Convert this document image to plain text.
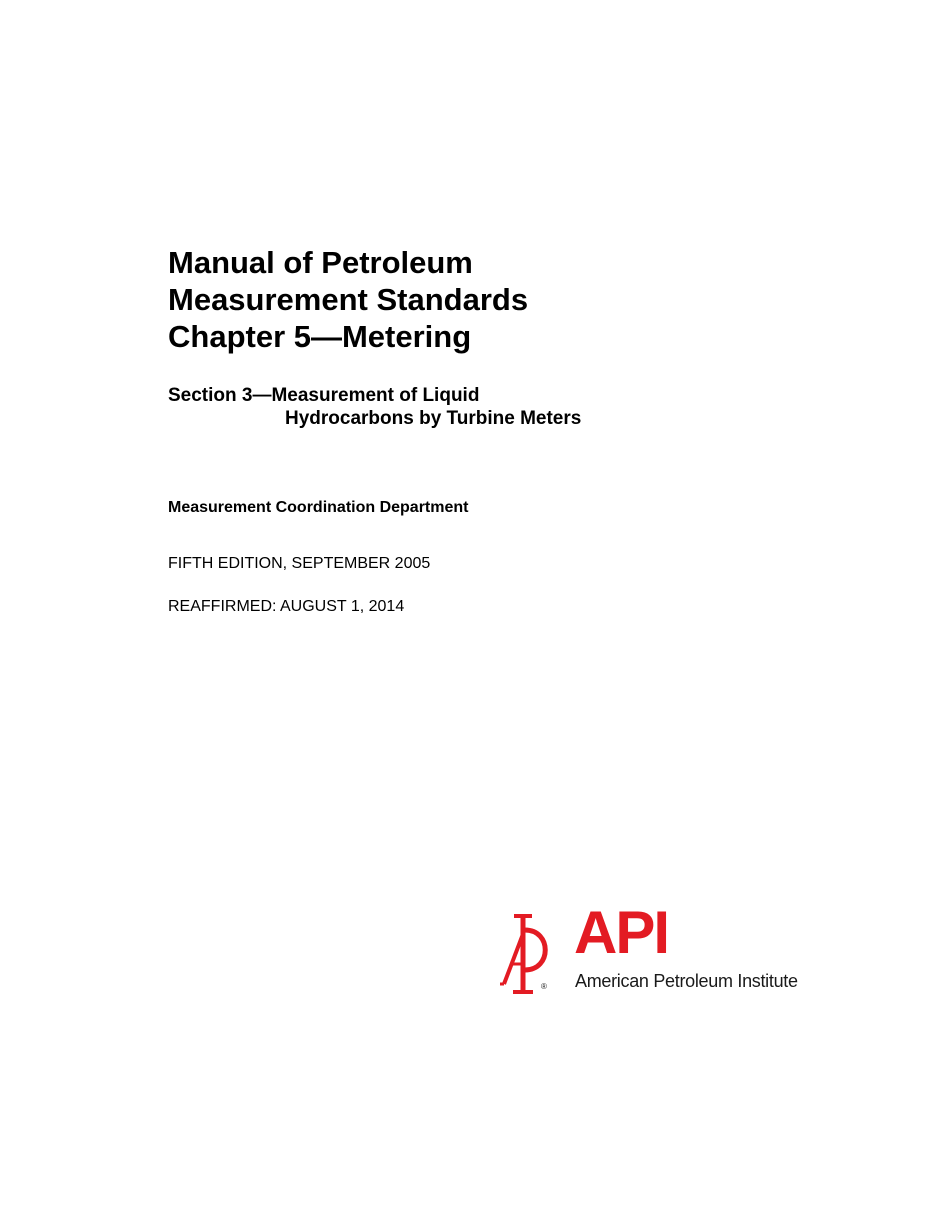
Manual of Petroleum
Measurement Standards
Chapter 5—Metering
Section 3—Measurement of Liquid
Hydrocarbons by Turbine Meters
Measurement Coordination Department
FIFTH EDITION, SEPTEMBER 2005
REAFFIRMED: AUGUST 1, 2014
®
API
American Petroleum Institute
